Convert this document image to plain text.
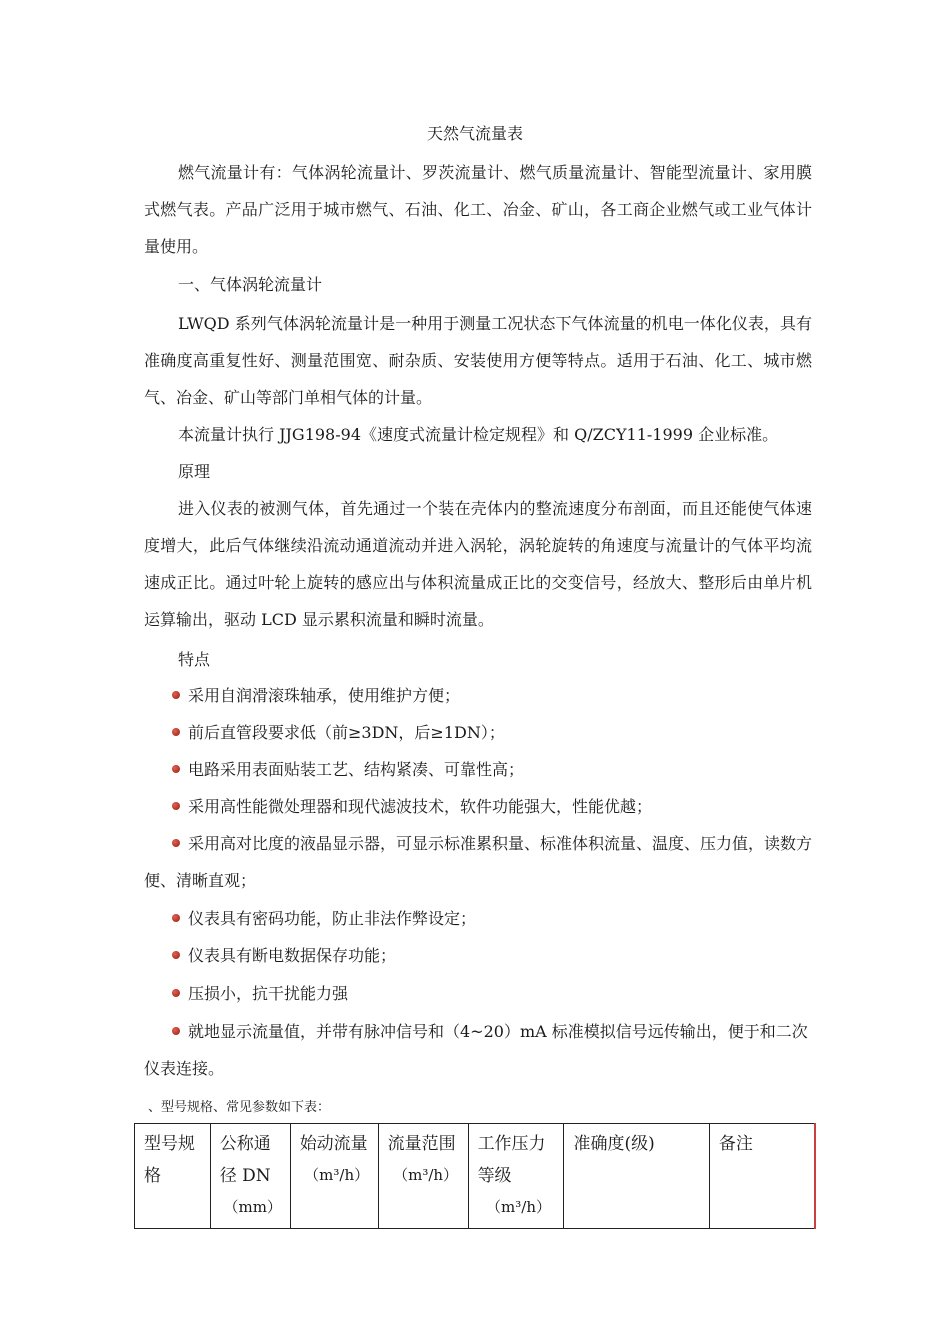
天然气流量表

燃气流量计有：气体涡轮流量计、罗茨流量计、燃气质量流量计、智能型流量计、家用膜式燃气表。产品广泛用于城市燃气、石油、化工、冶金、矿山，各工商企业燃气或工业气体计量使用。

一、气体涡轮流量计

LWQD 系列气体涡轮流量计是一种用于测量工况状态下气体流量的机电一体化仪表，具有准确度高重复性好、测量范围宽、耐杂质、安装使用方便等特点。适用于石油、化工、城市燃气、冶金、矿山等部门单相气体的计量。

本流量计执行 JJG198-94《速度式流量计检定规程》和 Q/ZCY11-1999 企业标准。

原理

进入仪表的被测气体，首先通过一个装在壳体内的整流速度分布剖面，而且还能使气体速度增大，此后气体继续沿流动通道流动并进入涡轮，涡轮旋转的角速度与流量计的气体平均流速成正比。通过叶轮上旋转的感应出与体积流量成正比的交变信号，经放大、整形后由单片机运算输出，驱动 LCD 显示累积流量和瞬时流量。

特点

采用自润滑滚珠轴承，使用维护方便；

前后直管段要求低（前≥3DN，后≥1DN）；

电路采用表面贴装工艺、结构紧凑、可靠性高；

采用高性能微处理器和现代滤波技术，软件功能强大，性能优越；

采用高对比度的液晶显示器，可显示标准累积量、标准体积流量、温度、压力值，读数方便、清晰直观；

仪表具有密码功能，防止非法作弊设定；

仪表具有断电数据保存功能；

压损小，抗干扰能力强

就地显示流量值，并带有脉冲信号和（4~20）mA 标准模拟信号远传输出，便于和二次仪表连接。

、型号规格、常见参数如下表：
型号规格	公称通径 DN
（mm）
	始动流量
（m³/h）
	流量范围
（m³/h）
	工作压力等级
（m³/h）
	准确度(级)	备注
